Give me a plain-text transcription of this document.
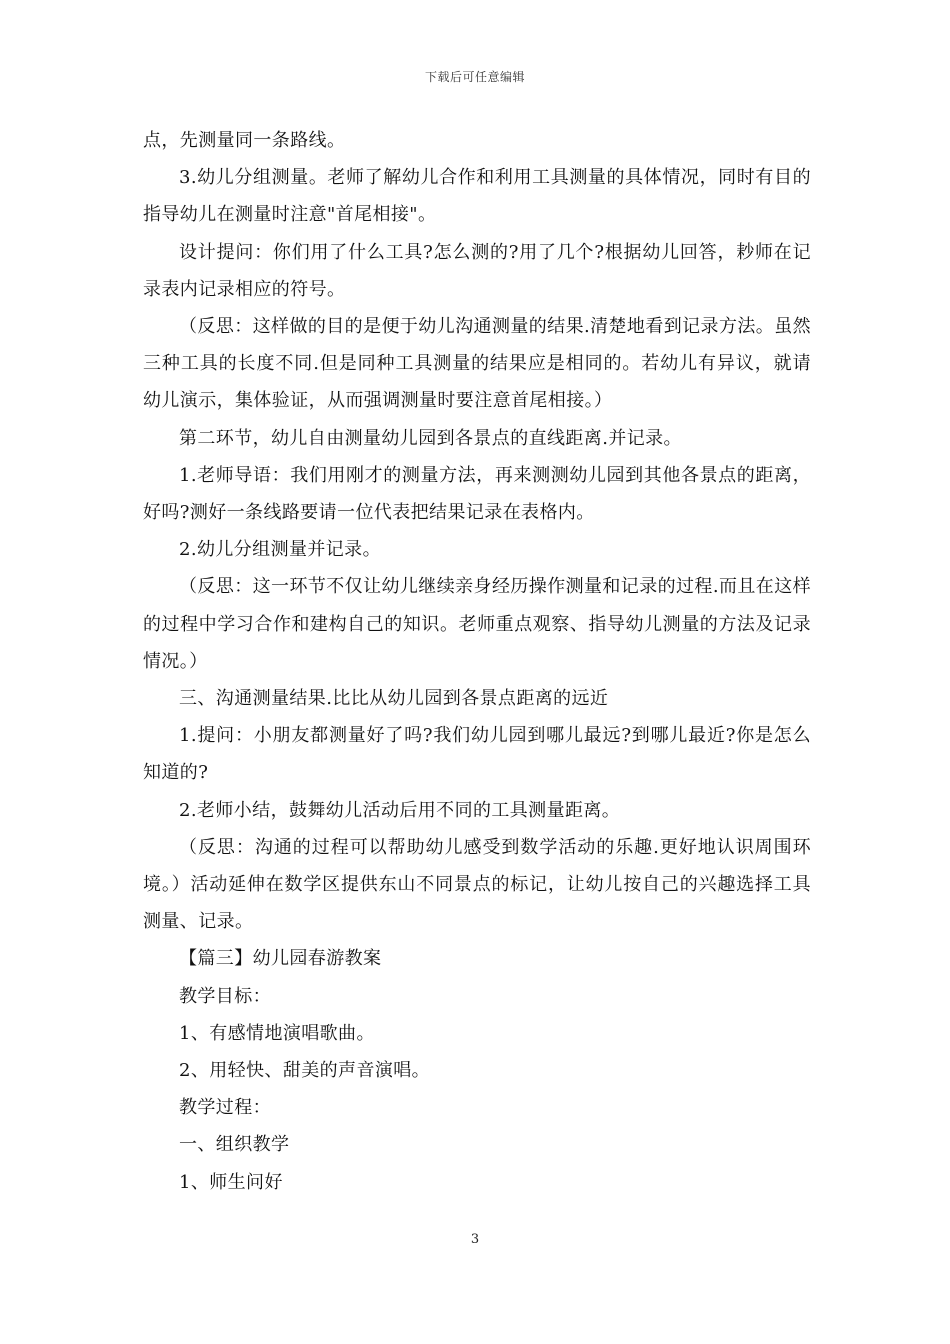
下载后可任意编辑

点，先测量同一条路线。

3.幼儿分组测量。老师了解幼儿合作和利用工具测量的具体情况，同时有目的指导幼儿在测量时注意"首尾相接"。

设计提问：你们用了什么工具?怎么测的?用了几个?根据幼儿回答，耖师在记录表内记录相应的符号。

（反思：这样做的目的是便于幼儿沟通测量的结果.清楚地看到记录方法。虽然三种工具的长度不同.但是同种工具测量的结果应是相同的。若幼儿有异议，就请幼儿演示，集体验证，从而强调测量时要注意首尾相接。）

第二环节，幼儿自由测量幼儿园到各景点的直线距离.并记录。

1.老师导语：我们用刚才的测量方法，再来测测幼儿园到其他各景点的距离，好吗?测好一条线路要请一位代表把结果记录在表格内。

2.幼儿分组测量并记录。

（反思：这一环节不仅让幼儿继续亲身经历操作测量和记录的过程.而且在这样的过程中学习合作和建构自己的知识。老师重点观察、指导幼儿测量的方法及记录情况。）

三、沟通测量结果.比比从幼儿园到各景点距离的远近

1.提问：小朋友都测量好了吗?我们幼儿园到哪儿最远?到哪儿最近?你是怎么知道的?

2.老师小结，鼓舞幼儿活动后用不同的工具测量距离。

（反思：沟通的过程可以帮助幼儿感受到数学活动的乐趣.更好地认识周围环境。）活动延伸在数学区提供东山不同景点的标记，让幼儿按自己的兴趣选择工具测量、记录。

【篇三】幼儿园春游教案

教学目标：

1、有感情地演唱歌曲。

2、用轻快、甜美的声音演唱。

教学过程：

一、组织教学

1、师生问好

3
